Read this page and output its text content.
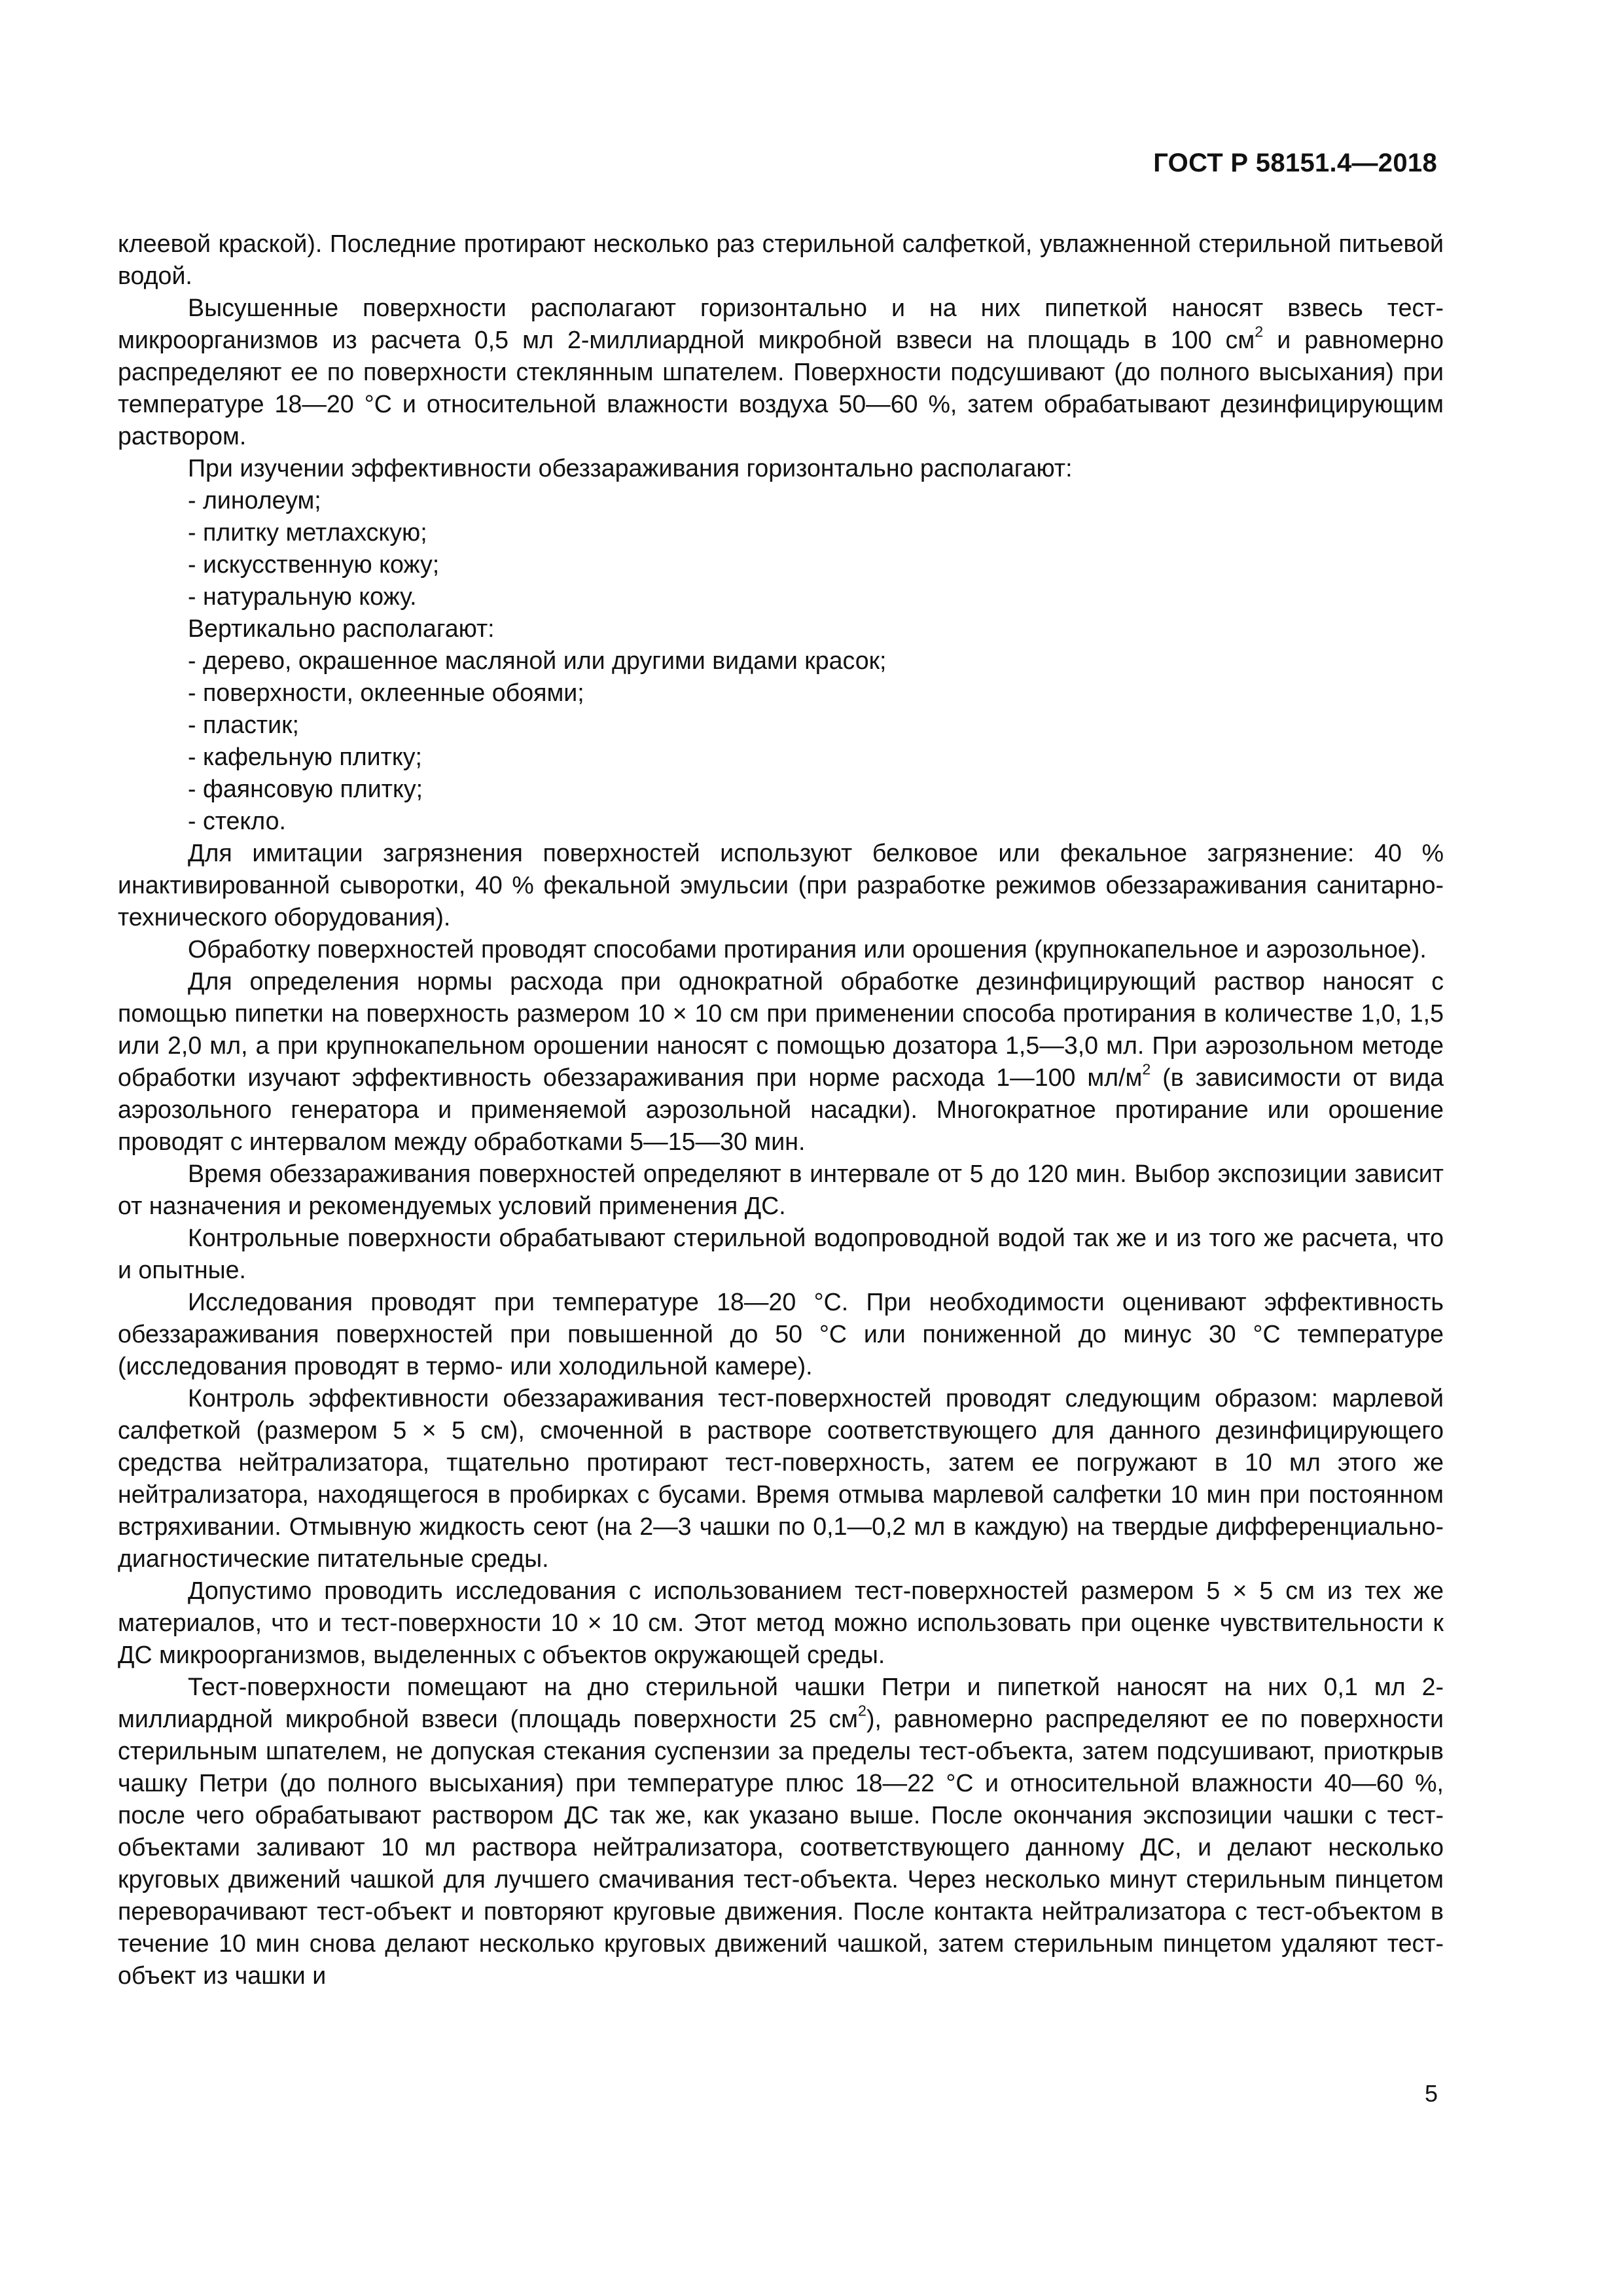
ГОСТ Р 58151.4—2018

клеевой краской). Последние протирают несколько раз стерильной салфеткой, увлажненной стерильной питьевой водой.

Высушенные поверхности располагают горизонтально и на них пипеткой наносят взвесь тест-микроорганизмов из расчета 0,5 мл 2-миллиардной микробной взвеси на площадь в 100 $см^2$ и равномерно распределяют ее по поверхности стеклянным шпателем. Поверхности подсушивают (до полного высыхания) при температуре 18—20 °С и относительной влажности воздуха 50—60 %, затем обрабатывают дезинфицирующим раствором.

При изучении эффективности обеззараживания горизонтально располагают:

- линолеум;

- плитку метлахскую;

- искусственную кожу;

- натуральную кожу.

Вертикально располагают:

- дерево, окрашенное масляной или другими видами красок;

- поверхности, оклеенные обоями;

- пластик;

- кафельную плитку;

- фаянсовую плитку;

- стекло.

Для имитации загрязнения поверхностей используют белковое или фекальное загрязнение: 40 % инактивированной сыворотки, 40 % фекальной эмульсии (при разработке режимов обеззараживания санитарно-технического оборудования).

Обработку поверхностей проводят способами протирания или орошения (крупнокапельное и аэрозольное).

Для определения нормы расхода при однократной обработке дезинфицирующий раствор наносят с помощью пипетки на поверхность размером 10 × 10 см при применении способа протирания в количестве 1,0, 1,5 или 2,0 мл, а при крупнокапельном орошении наносят с помощью дозатора 1,5—3,0 мл. При аэрозольном методе обработки изучают эффективность обеззараживания при норме расхода 1—100 $мл/м^2$ (в зависимости от вида аэрозольного генератора и применяемой аэрозольной насадки). Многократное протирание или орошение проводят с интервалом между обработками 5—15—30 мин.

Время обеззараживания поверхностей определяют в интервале от 5 до 120 мин. Выбор экспозиции зависит от назначения и рекомендуемых условий применения ДС.

Контрольные поверхности обрабатывают стерильной водопроводной водой так же и из того же расчета, что и опытные.

Исследования проводят при температуре 18—20 °С. При необходимости оценивают эффективность обеззараживания поверхностей при повышенной до 50 °С или пониженной до минус 30 °С температуре (исследования проводят в термо- или холодильной камере).

Контроль эффективности обеззараживания тест-поверхностей проводят следующим образом: марлевой салфеткой (размером 5 × 5 см), смоченной в растворе соответствующего для данного дезинфицирующего средства нейтрализатора, тщательно протирают тест-поверхность, затем ее погружают в 10 мл этого же нейтрализатора, находящегося в пробирках с бусами. Время отмыва марлевой салфетки 10 мин при постоянном встряхивании. Отмывную жидкость сеют (на 2—3 чашки по 0,1—0,2 мл в каждую) на твердые дифференциально-диагностические питательные среды.

Допустимо проводить исследования с использованием тест-поверхностей размером 5 × 5 см из тех же материалов, что и тест-поверхности 10 × 10 см. Этот метод можно использовать при оценке чувствительности к ДС микроорганизмов, выделенных с объектов окружающей среды.

Тест-поверхности помещают на дно стерильной чашки Петри и пипеткой наносят на них 0,1 мл 2-миллиардной микробной взвеси (площадь поверхности 25 $см^2$), равномерно распределяют ее по поверхности стерильным шпателем, не допуская стекания суспензии за пределы тест-объекта, затем подсушивают, приоткрыв чашку Петри (до полного высыхания) при температуре плюс 18—22 °С и относительной влажности 40—60 %, после чего обрабатывают раствором ДС так же, как указано выше. После окончания экспозиции чашки с тест-объектами заливают 10 мл раствора нейтрализатора, соответствующего данному ДС, и делают несколько круговых движений чашкой для лучшего смачивания тест-объекта. Через несколько минут стерильным пинцетом переворачивают тест-объект и повторяют круговые движения. После контакта нейтрализатора с тест-объектом в течение 10 мин снова делают несколько круговых движений чашкой, затем стерильным пинцетом удаляют тест-объект из чашки и

5
